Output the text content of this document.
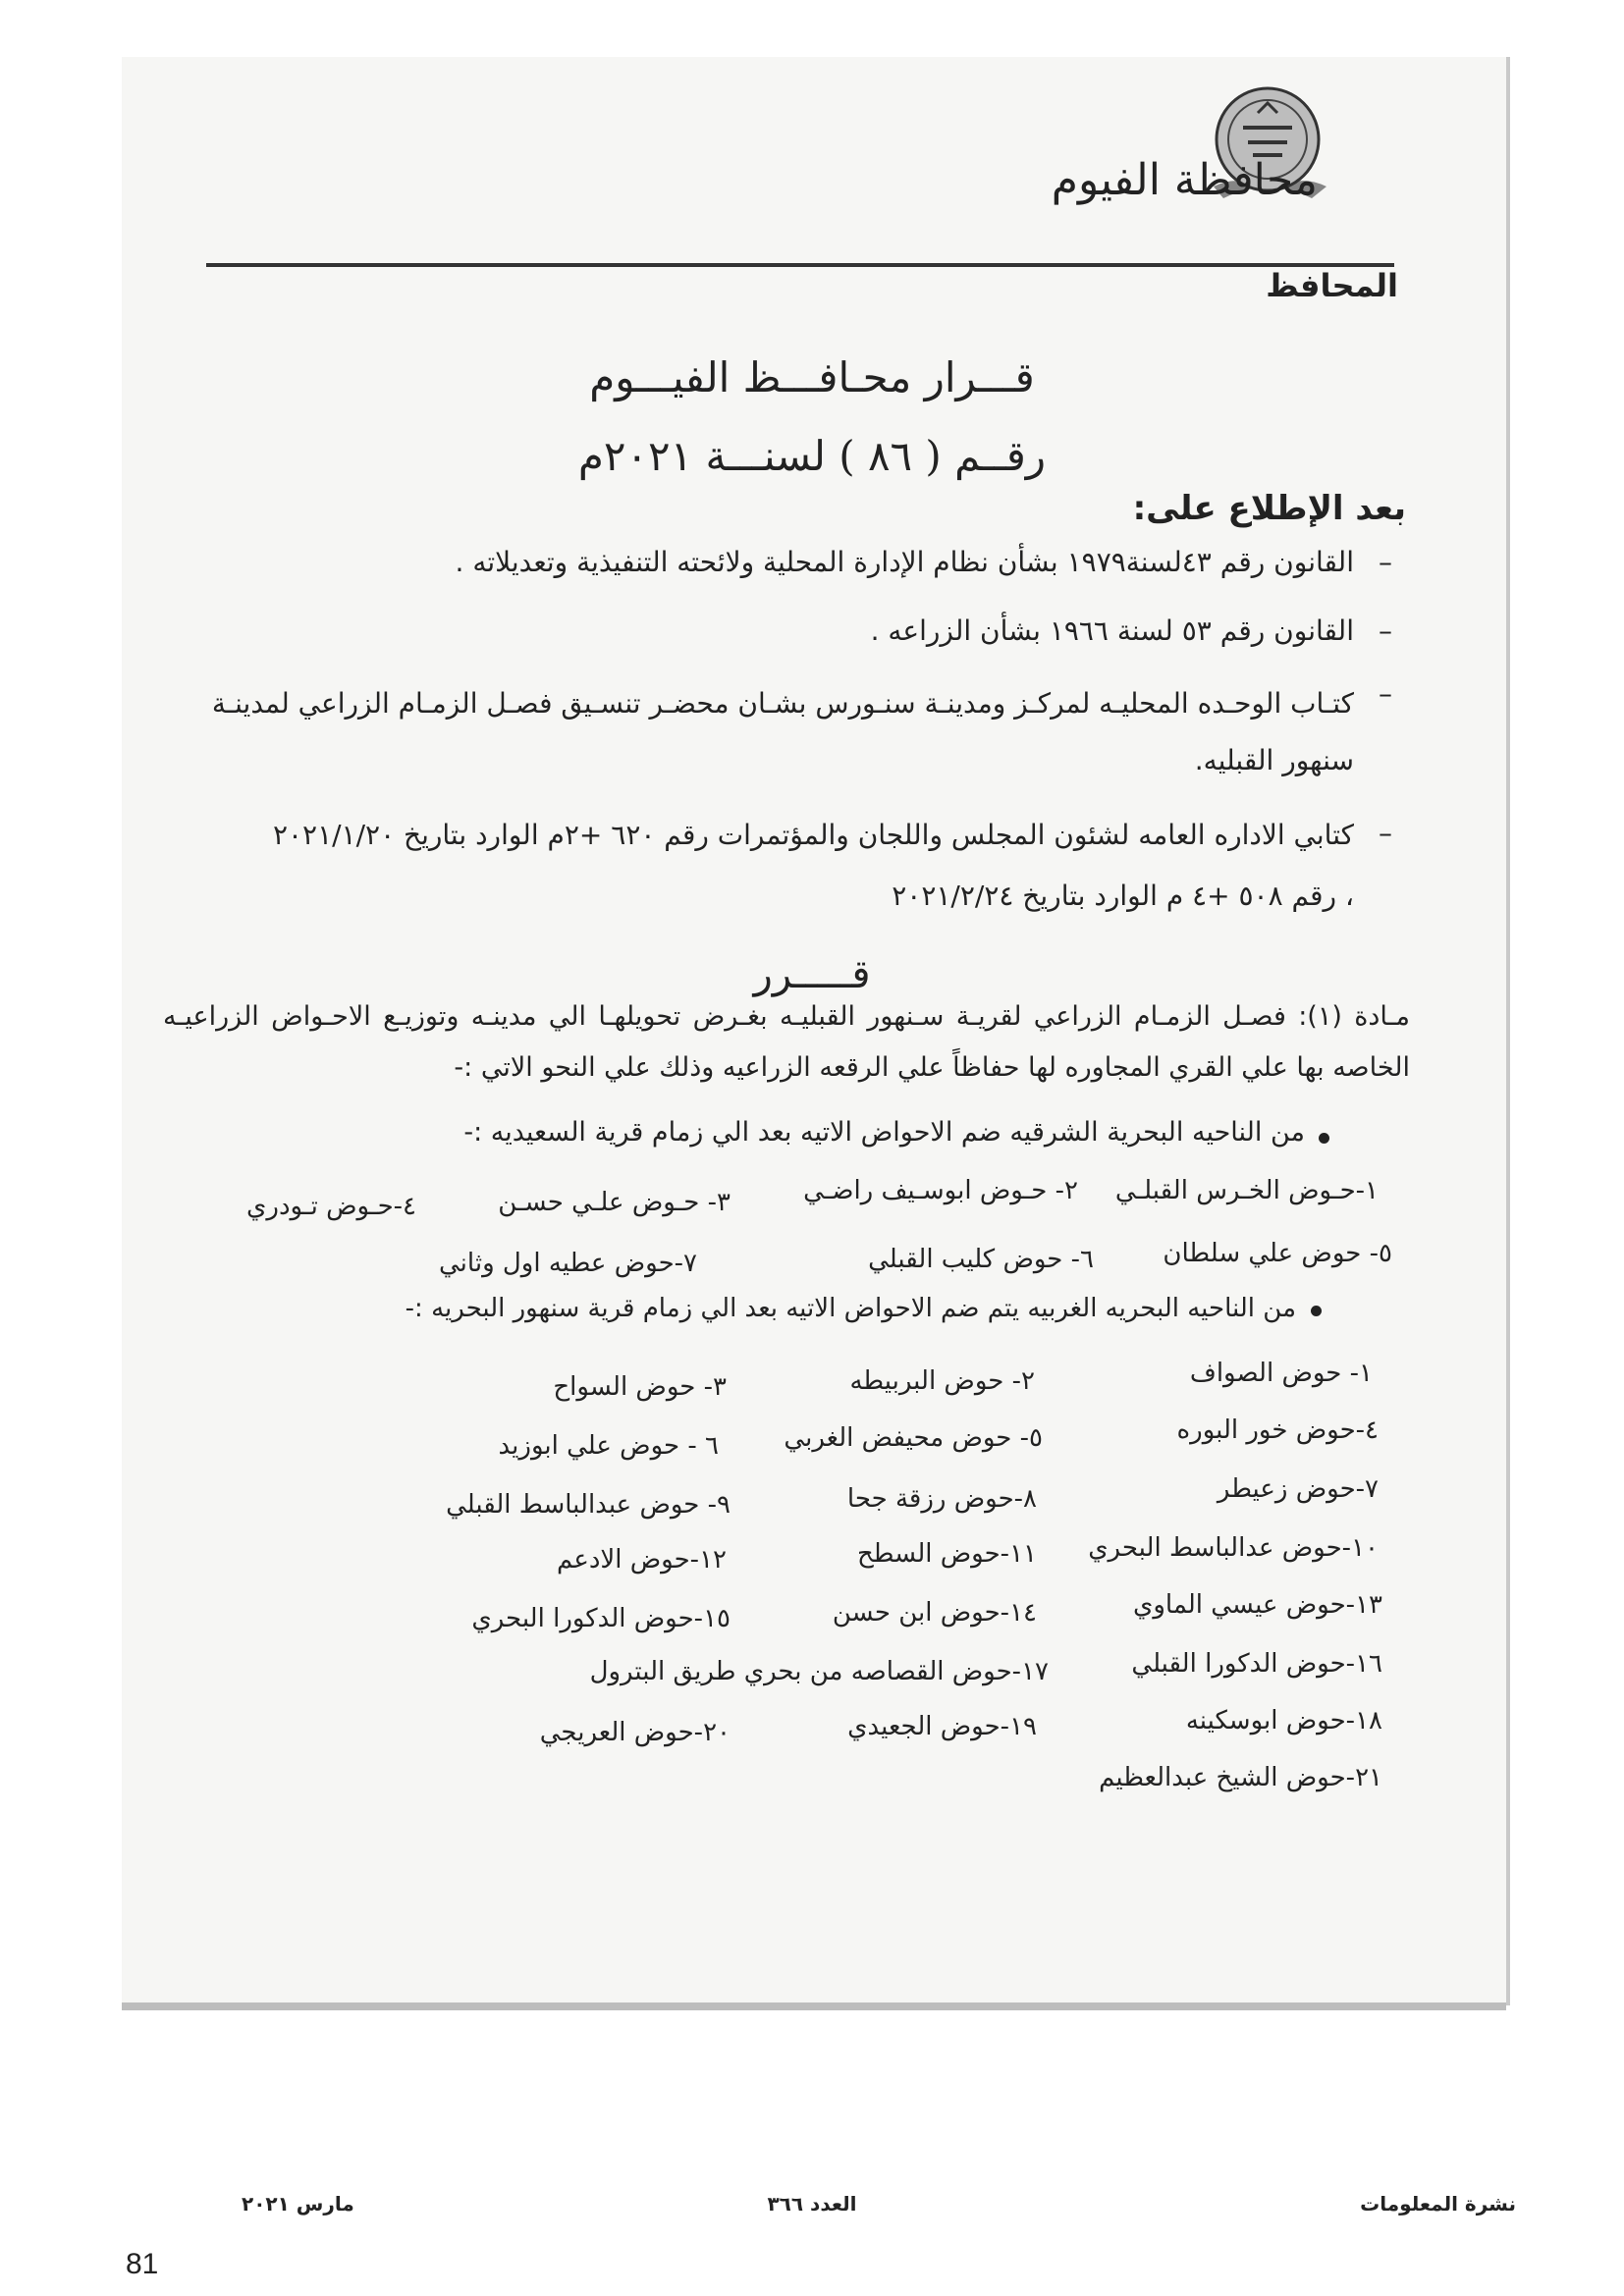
محافظة الفيوم
المحافظ
قـــرار محـافـــظ الفيـــوم
رقــم ( ٨٦ ) لسنـــة ٢٠٢١م
بعد الإطلاع على:
–
القانون رقم ٤٣لسنة١٩٧٩ بشأن نظام الإدارة المحلية ولائحته التنفيذية وتعديلاته .
–
القانون رقم ٥٣ لسنة ١٩٦٦ بشأن الزراعه .
–
كتـاب الوحـده المحليـه لمركـز ومدينـة سنـورس بشـان محضـر تنسـيق فصـل الزمـام الزراعي لمدينـة
سنهور القبليه.
–
كتابي الاداره العامه لشئون المجلس واللجان والمؤتمرات رقم ٦٢٠ +٢م الوارد بتاريخ ٢٠٢١/١/٢٠
، رقم ٥٠٨ +٤ م الوارد بتاريخ ٢٠٢١/٢/٢٤
قـــــرر
مـادة (١): فصـل الزمـام الزراعي لقريـة سـنهور القبليـه بغـرض تحويلهـا الي مدينـه وتوزيـع الاحـواض الزراعيـه الخاصه بها علي القري المجاوره لها حفاظاً علي الرقعه الزراعيه وذلك علي النحو الاتي :-
من الناحيه البحرية الشرقيه ضم الاحواض الاتيه بعد الي زمام قرية السعيديه :-
١-حـوض الخـرس القبلـي
٢- حـوض ابوسـيف راضـي
٣- حـوض علـي حسـن
٤-حـوض تـودري
٥- حوض علي سلطان
٦- حوض كليب القبلي
٧-حوض عطيه اول وثاني
من الناحيه البحريه الغربيه يتم ضم الاحواض الاتيه بعد الي زمام قرية سنهور البحريه :-
١- حوض الصواف
٢- حوض البربيطه
٣- حوض السواح
٤-حوض خور البوره
٥- حوض محيفض الغربي
٦ - حوض علي ابوزيد
٧-حوض زعيطر
٨-حوض رزقة جحا
٩- حوض عبدالباسط القبلي
١٠-حوض عدالباسط البحري
١١-حوض السطح
١٢-حوض الادعم
١٣-حوض عيسي الماوي
١٤-حوض ابن حسن
١٥-حوض الدكورا البحري
١٦-حوض الدكورا القبلي
١٧-حوض القصاصه من بحري طريق البترول
١٨-حوض ابوسكينه
١٩-حوض الجعيدي
٢٠-حوض العريجي
٢١-حوض الشيخ عبدالعظيم
نشرة المعلومات
العدد ٣٦٦
مارس ٢٠٢١
81
